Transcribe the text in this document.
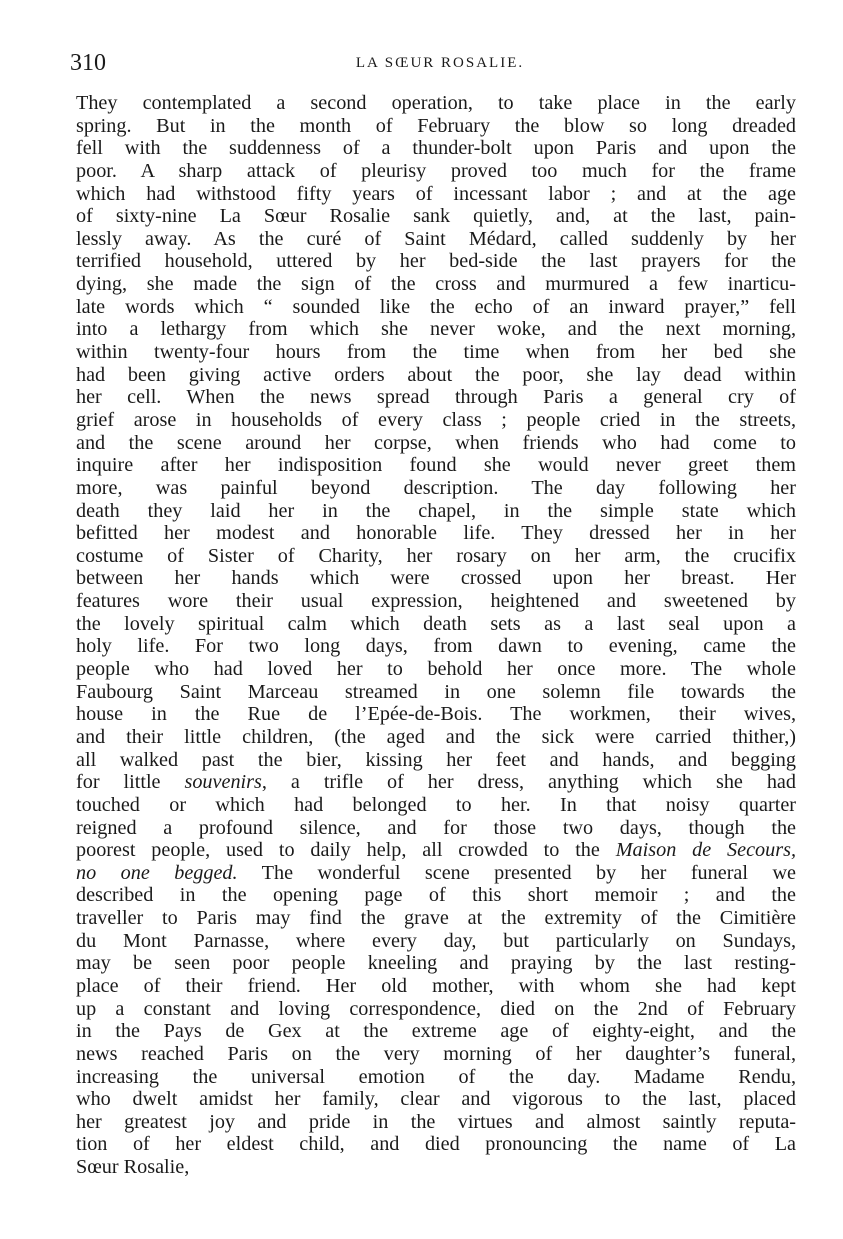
310	LA SŒUR ROSALIE.
They contemplated a second operation, to take place in the early
spring. But in the month of February the blow so long dreaded
fell with the suddenness of a thunder-bolt upon Paris and upon the
poor. A sharp attack of pleurisy proved too much for the frame
which had withstood fifty years of incessant labor ; and at the age
of sixty-nine La Sœur Rosalie sank quietly, and, at the last, pain-
lessly away. As the curé of Saint Médard, called suddenly by her
terrified household, uttered by her bed-side the last prayers for the
dying, she made the sign of the cross and murmured a few inarticu-
late words which “ sounded like the echo of an inward prayer,” fell
into a lethargy from which she never woke, and the next morning,
within twenty-four hours from the time when from her bed she
had been giving active orders about the poor, she lay dead within
her cell. When the news spread through Paris a general cry of
grief arose in households of every class ; people cried in the streets,
and the scene around her corpse, when friends who had come to
inquire after her indisposition found she would never greet them
more, was painful beyond description. The day following her
death they laid her in the chapel, in the simple state which
befitted her modest and honorable life. They dressed her in her
costume of Sister of Charity, her rosary on her arm, the crucifix
between her hands which were crossed upon her breast. Her
features wore their usual expression, heightened and sweetened by
the lovely spiritual calm which death sets as a last seal upon a
holy life. For two long days, from dawn to evening, came the
people who had loved her to behold her once more. The whole
Faubourg Saint Marceau streamed in one solemn file towards the
house in the Rue de l’Epée-de-Bois. The workmen, their wives,
and their little children, (the aged and the sick were carried thither,)
all walked past the bier, kissing her feet and hands, and begging
for little souvenirs, a trifle of her dress, anything which she had
touched or which had belonged to her. In that noisy quarter
reigned a profound silence, and for those two days, though the
poorest people, used to daily help, all crowded to the Maison de Secours,
no one begged. The wonderful scene presented by her funeral we
described in the opening page of this short memoir ; and the
traveller to Paris may find the grave at the extremity of the Cimitière
du Mont Parnasse, where every day, but particularly on Sundays,
may be seen poor people kneeling and praying by the last resting-
place of their friend. Her old mother, with whom she had kept
up a constant and loving correspondence, died on the 2nd of February
in the Pays de Gex at the extreme age of eighty-eight, and the
news reached Paris on the very morning of her daughter’s funeral,
increasing the universal emotion of the day. Madame Rendu,
who dwelt amidst her family, clear and vigorous to the last, placed
her greatest joy and pride in the virtues and almost saintly reputa-
tion of her eldest child, and died pronouncing the name of La
Sœur Rosalie,
